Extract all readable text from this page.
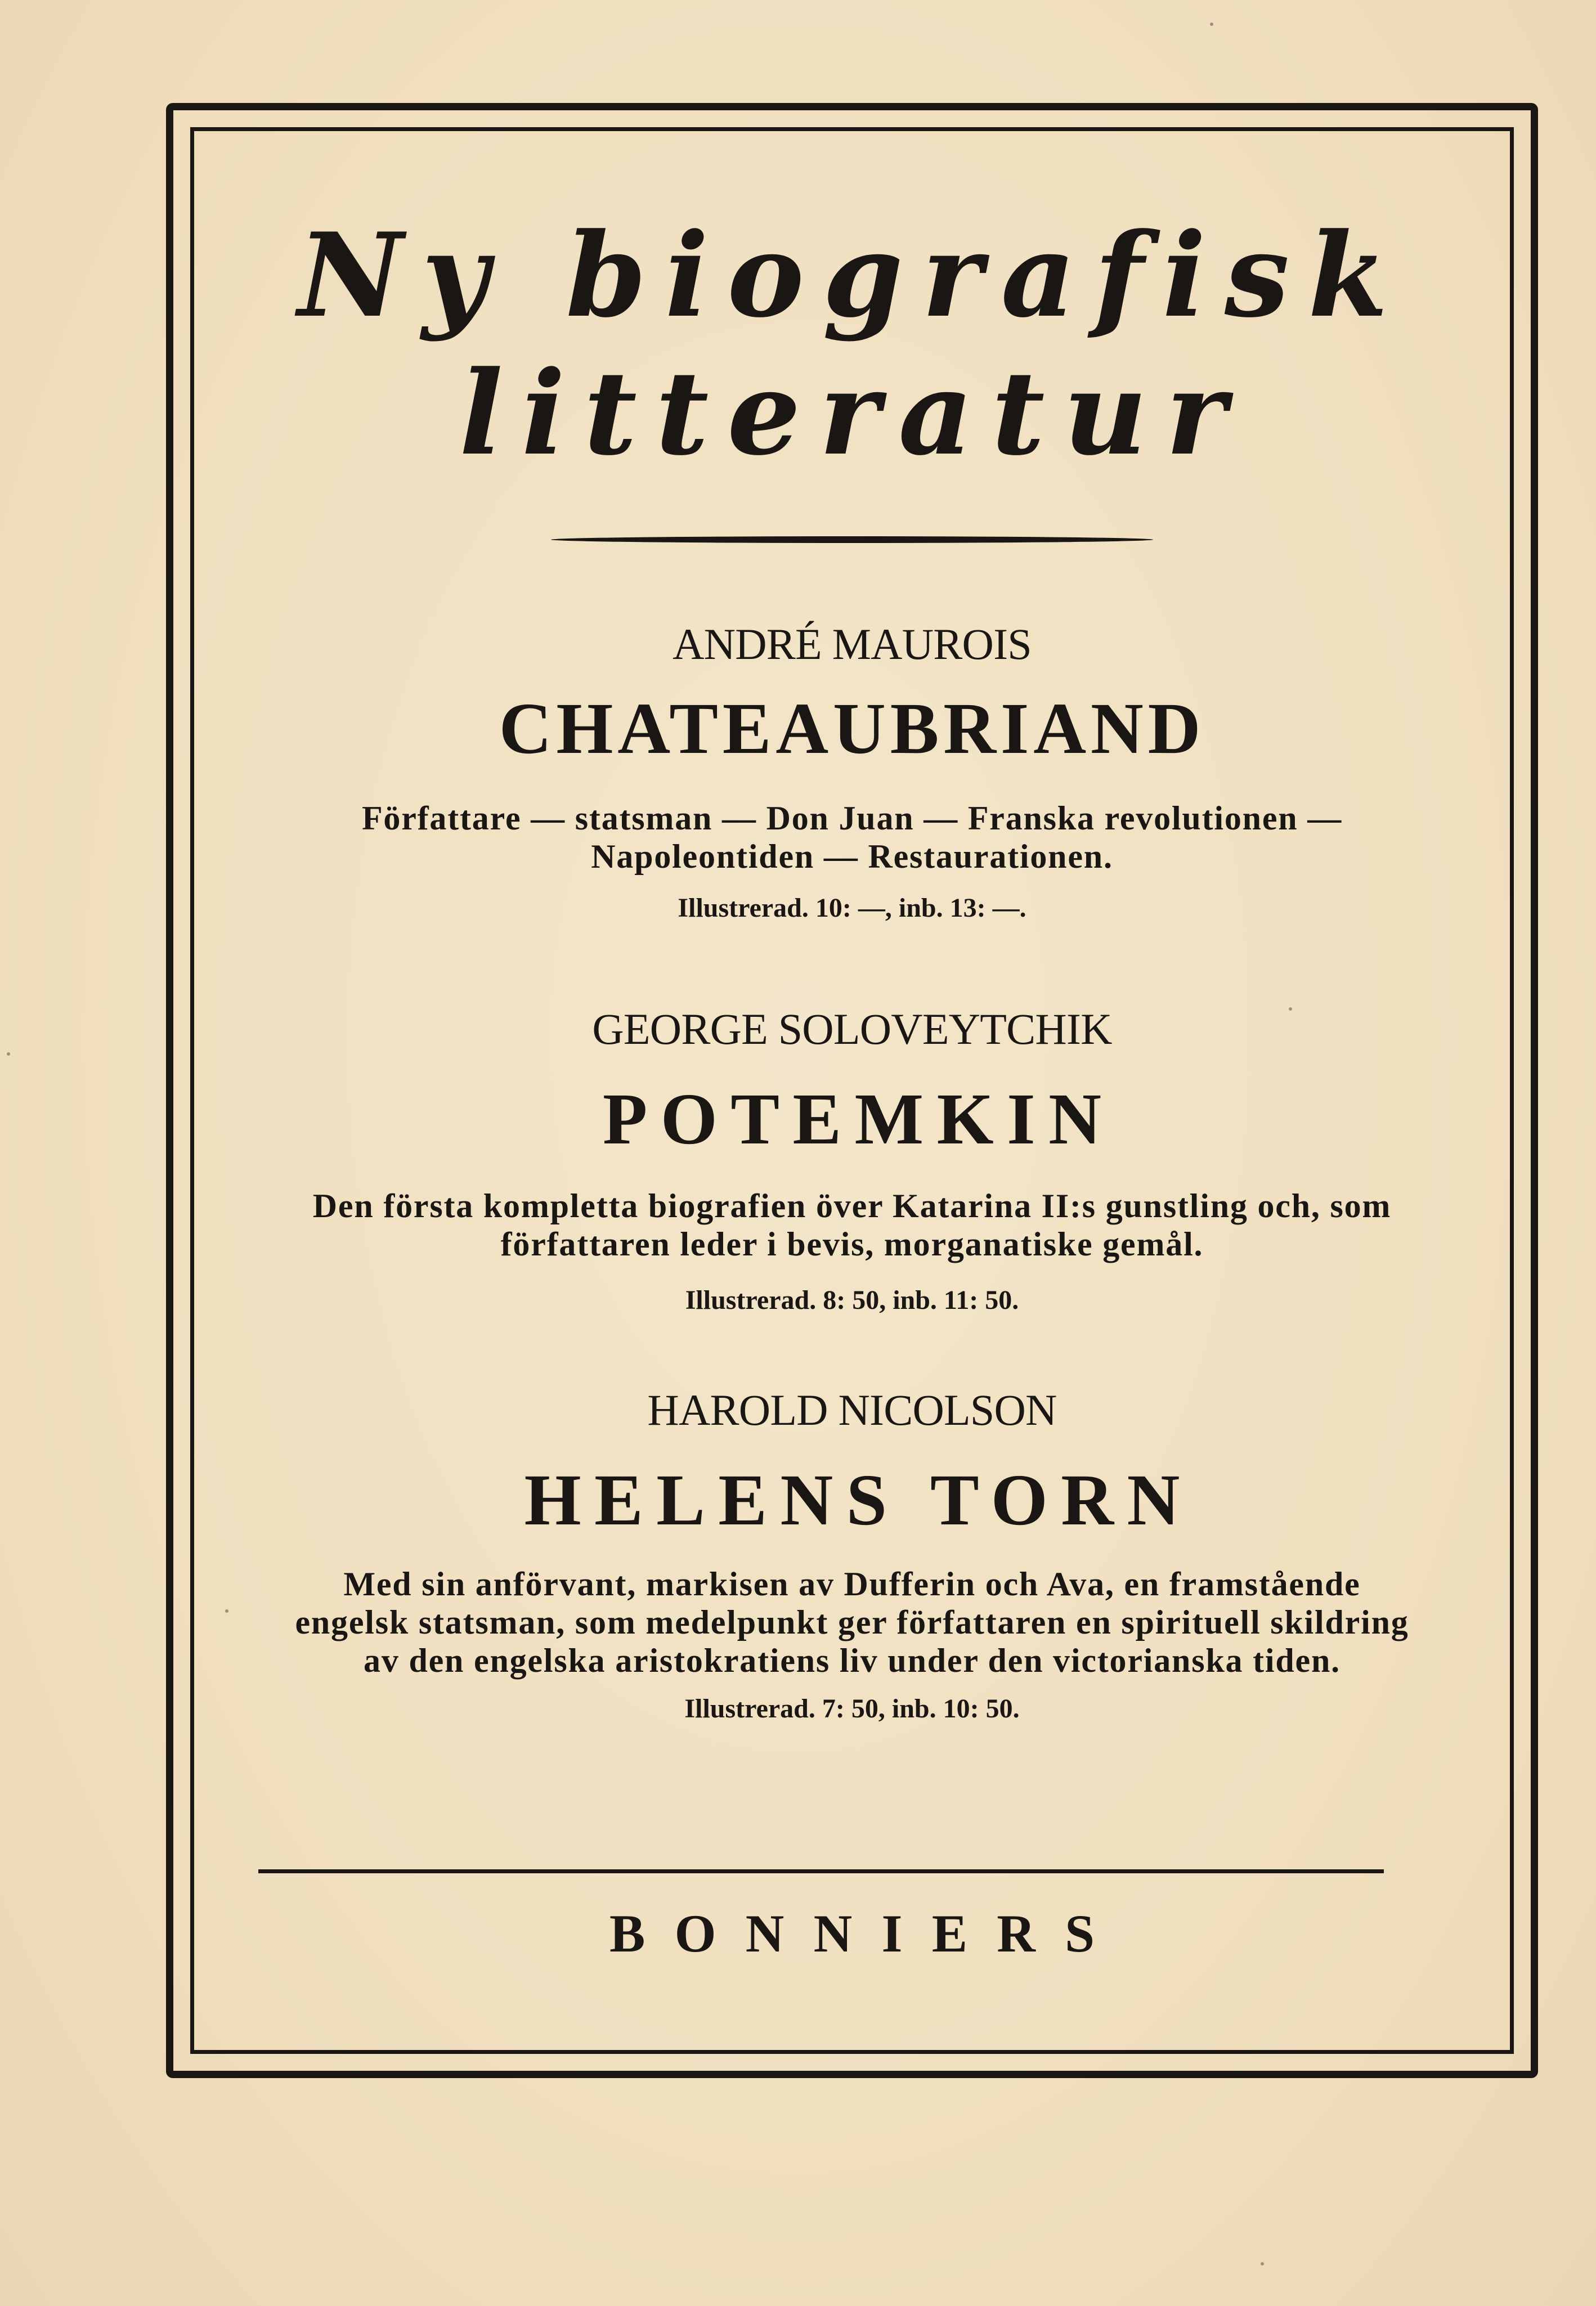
Ny biografisk
litteratur
ANDRÉ MAUROIS
CHATEAUBRIAND
Författare — statsman — Don Juan — Franska revolutionen —
Napoleontiden — Restaurationen.
Illustrerad. 10: —, inb. 13: —.
GEORGE SOLOVEYTCHIK
POTEMKIN
Den första kompletta biografien över Katarina II:s gunstling och, som
författaren leder i bevis, morganatiske gemål.
Illustrerad. 8: 50, inb. 11: 50.
HAROLD NICOLSON
HELENS TORN
Med sin anförvant, markisen av Dufferin och Ava, en framstående
engelsk statsman, som medelpunkt ger författaren en spirituell skildring
av den engelska aristokratiens liv under den victorianska tiden.
Illustrerad. 7: 50, inb. 10: 50.
BONNIERS
